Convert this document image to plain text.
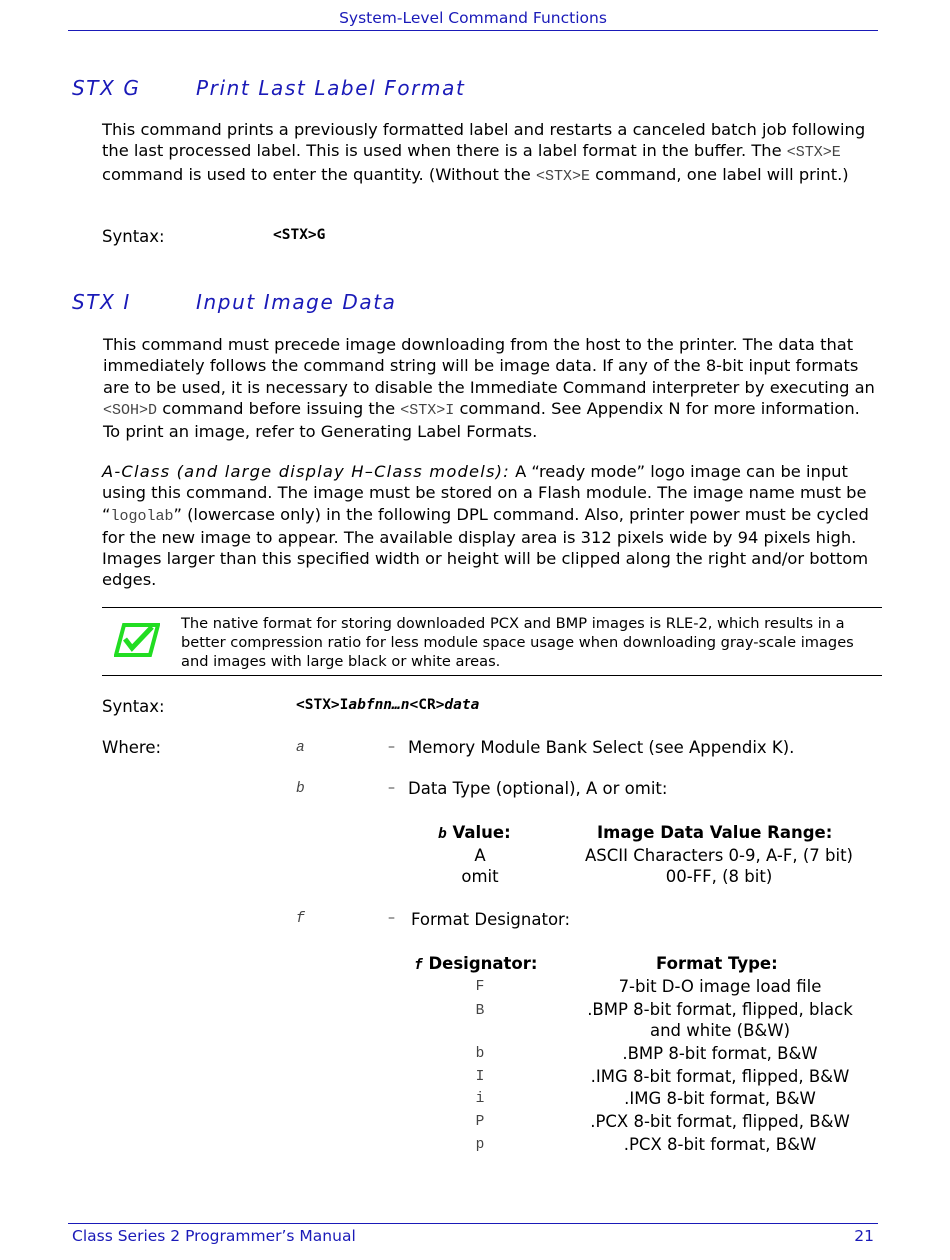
System-Level Command Functions
STX G	Print Last Label Format
This command prints a previously formatted label and restarts a canceled batch job following the last processed label. This is used when there is a label format in the buffer. The <STX>E command is used to enter the quantity. (Without the <STX>E command, one label will print.)
Syntax:	<STX>G
STX I	Input Image Data
This command must precede image downloading from the host to the printer. The data that immediately follows the command string will be image data. If any of the 8-bit input formats are to be used, it is necessary to disable the Immediate Command interpreter by executing an <SOH>D command before issuing the <STX>I command. See Appendix N for more information. To print an image, refer to Generating Label Formats.
A-Class (and large display H–Class models): A “ready mode” logo image can be input using this command. The image must be stored on a Flash module. The image name must be “logolab” (lowercase only) in the following DPL command. Also, printer power must be cycled for the new image to appear. The available display area is 312 pixels wide by 94 pixels high. Images larger than this specified width or height will be clipped along the right and/or bottom edges.
The native format for storing downloaded PCX and BMP images is RLE-2, which results in a better compression ratio for less module space usage when downloading gray-scale images and images with large black or white areas.
Syntax:	<STX>Iabfnn…n<CR>data
Where:	a	– Memory Module Bank Select (see Appendix K).
b	– Data Type (optional), A or omit:
b Value:	Image Data Value Range:
A	ASCII Characters 0-9, A-F, (7 bit)
omit	00-FF, (8 bit)
f	– Format Designator:
f Designator:	Format Type:
F	7-bit D-O image load file
B	.BMP 8-bit format, flipped, black
and white (B&W)
b	.BMP 8-bit format, B&W
I	.IMG 8-bit format, flipped, B&W
i	.IMG 8-bit format, B&W
P	.PCX 8-bit format, flipped, B&W
p	.PCX 8-bit format, B&W
Class Series 2 Programmer’s Manual	21
